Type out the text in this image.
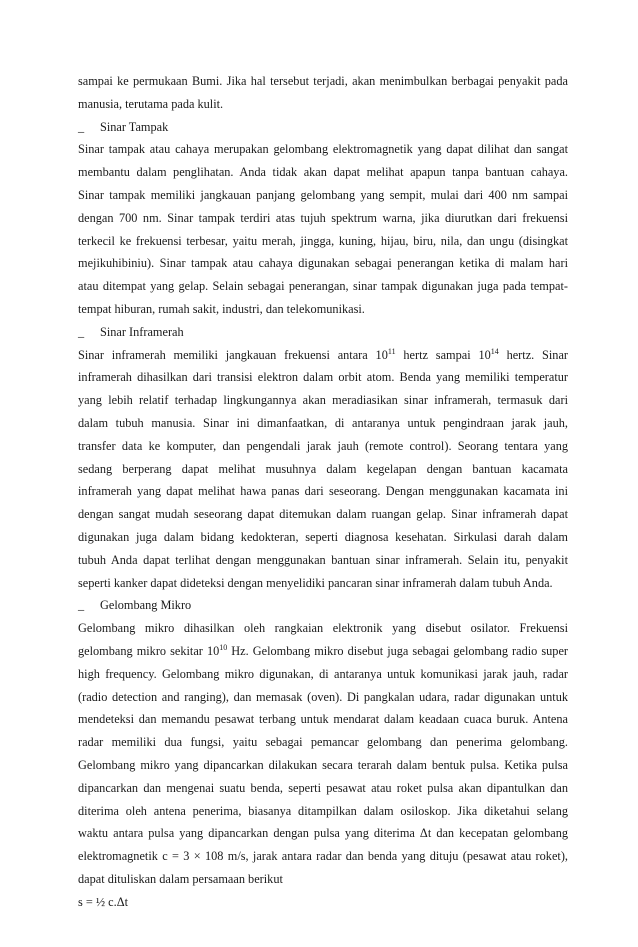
sampai ke permukaan Bumi. Jika hal tersebut terjadi, akan menimbulkan berbagai penyakit pada
manusia, terutama pada kulit.
_ Sinar Tampak
Sinar tampak atau cahaya merupakan gelombang elektromagnetik yang dapat dilihat dan sangat
membantu dalam penglihatan. Anda tidak akan dapat melihat apapun tanpa bantuan cahaya.
Sinar tampak memiliki jangkauan panjang gelombang yang sempit, mulai dari 400 nm sampai
dengan 700 nm. Sinar tampak terdiri atas tujuh spektrum warna, jika diurutkan dari frekuensi
terkecil ke frekuensi terbesar, yaitu merah, jingga, kuning, hijau, biru, nila, dan ungu (disingkat
mejikuhibiniu). Sinar tampak atau cahaya digunakan sebagai penerangan ketika di malam hari
atau ditempat yang gelap. Selain sebagai penerangan, sinar tampak digunakan juga pada tempat-
tempat hiburan, rumah sakit, industri, dan telekomunikasi.
_ Sinar Inframerah
Sinar inframerah memiliki jangkauan frekuensi antara $10^{11}$ hertz sampai $10^{14}$ hertz. Sinar
inframerah dihasilkan dari transisi elektron dalam orbit atom. Benda yang memiliki temperatur
yang lebih relatif terhadap lingkungannya akan meradiasikan sinar inframerah, termasuk dari
dalam tubuh manusia. Sinar ini dimanfaatkan, di antaranya untuk pengindraan jarak jauh,
transfer data ke komputer, dan pengendali jarak jauh (remote control). Seorang tentara yang
sedang berperang dapat melihat musuhnya dalam kegelapan dengan bantuan kacamata
inframerah yang dapat melihat hawa panas dari seseorang. Dengan menggunakan kacamata ini
dengan sangat mudah seseorang dapat ditemukan dalam ruangan gelap. Sinar inframerah dapat
digunakan juga dalam bidang kedokteran, seperti diagnosa kesehatan. Sirkulasi darah dalam
tubuh Anda dapat terlihat dengan menggunakan bantuan sinar inframerah. Selain itu, penyakit
seperti kanker dapat dideteksi dengan menyelidiki pancaran sinar inframerah dalam tubuh Anda.
_ Gelombang Mikro
Gelombang mikro dihasilkan oleh rangkaian elektronik yang disebut osilator. Frekuensi
gelombang mikro sekitar $10^{10}$ Hz. Gelombang mikro disebut juga sebagai gelombang radio super
high frequency. Gelombang mikro digunakan, di antaranya untuk komunikasi jarak jauh, radar
(radio detection and ranging), dan memasak (oven). Di pangkalan udara, radar digunakan untuk
mendeteksi dan memandu pesawat terbang untuk mendarat dalam keadaan cuaca buruk. Antena
radar memiliki dua fungsi, yaitu sebagai pemancar gelombang dan penerima gelombang.
Gelombang mikro yang dipancarkan dilakukan secara terarah dalam bentuk pulsa. Ketika pulsa
dipancarkan dan mengenai suatu benda, seperti pesawat atau roket pulsa akan dipantulkan dan
diterima oleh antena penerima, biasanya ditampilkan dalam osiloskop. Jika diketahui selang
waktu antara pulsa yang dipancarkan dengan pulsa yang diterima Δt dan kecepatan gelombang
elektromagnetik c = 3 × 108 m/s, jarak antara radar dan benda yang dituju (pesawat atau roket),
dapat dituliskan dalam persamaan berikut
s = ½ c.Δt
